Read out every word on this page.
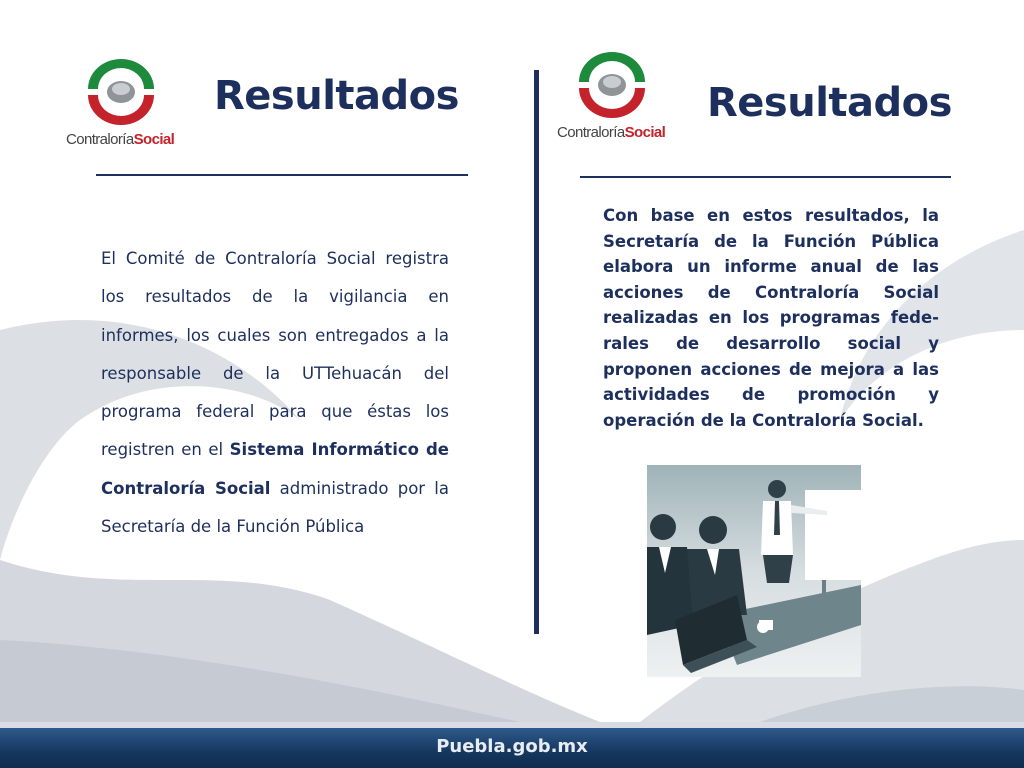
ContraloríaSocial
Resultados
El Comité de Contraloría Social registra los resultados de la vigilancia en informes, los cuales son entregados a la responsable de la UTTehuacán del programa federal para que éstas los registren en el Sistema Informático de Contraloría Social administrado por la Secretaría de la Función Pública
ContraloríaSocial
Resultados
Con base en estos resultados, la Secretaría de la Función Pública elabora un informe anual de las acciones de Contraloría Social realizadas en los programas fede-rales de desarrollo social y proponen acciones de mejora a las actividades de promoción y operación de la Contraloría Social.
Puebla.gob.mx
